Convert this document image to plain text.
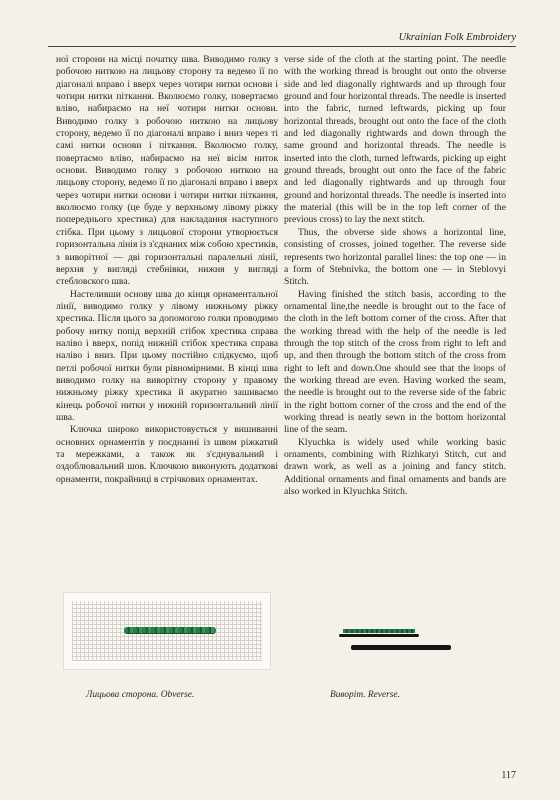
Ukrainian Folk Embroidery

ної сторони на місці початку шва. Виводимо голку з робочою ниткою на лицьову сторону та ведемо її по діагоналі вправо і вверх через чотири нитки основи і чотири нитки піткання. Вколюємо голку, повертаємо вліво, набираємо на неї чотири нитки основи. Виводимо голку з робочою ниткою на лицьову сторону, ведемо її по діагоналі вправо і вниз через ті самі нитки основи і піткання. Вколюємо голку, повертаємо вліво, набираємо на неї вісім ниток основи. Виводимо голку з робочою ниткою на лицьову сторону, ведемо її по діагоналі вправо і вверх через чотири нитки основи і чотири нитки піткання, вколюємо голку (це буде у верхньому лівому ріжку попереднього хрестика) для накладання наступного стібка. При цьому з лицьової сторони утворюється горизонтальна лінія із з'єднаних між собою хрестиків, з виворітної — дві горизонтальні паралельні лінії, верхня у вигляді стебнівки, нижня у вигляді стебловского шва.

Настеливши основу шва до кінця орнаментальної лінії, виводимо голку у лівому нижньому ріжку хрестика. Після цього за допомогою голки проводимо робочу нитку попід верхній стібок хрестика справа наліво і вверх, попід нижній стібок хрестика справа наліво і вниз. При цьому постійно слідкуємо, щоб петлі робочої нитки були рівномірними. В кінці шва виводимо голку на виворітну сторону у правому нижньому ріжку хрестика й акуратно зашиваємо кінець робочої нитки у нижній горизонтальний лінії шва.

Ключка широко використовується у вишиванні основних орнаментів у поєднанні із швом ріжкатий та мережками, а також як з'єднувальний і оздоблювальний шов. Ключкою виконують додаткові орнаменти, покрайниці в стрічкових орнаментах.

verse side of the cloth at the starting point. The needle with the working thread is brought out onto the obverse side and led diagonally rightwards and up through four ground and four horizontal threads. The needle is inserted into the fabric, turned leftwards, picking up four horizontal threads, brought out onto the face of the cloth and led diagonally rightwards and down through the same ground and horizontal threads. The needle is inserted into the cloth, turned leftwards, picking up eight ground threads, brought out onto the face of the fabric and led diagonally rightwards and up through four ground and horizontal threads. The needle is inserted into the material (this will be in the top left corner of the previous cross) to lay the next stitch.

Thus, the obverse side shows a horizontal line, consisting of crosses, joined together. The reverse side represents two horizontal parallel lines: the top one — in a form of Stebnivka, the bottom one — in Steblovyi Stitch.

Having finished the stitch basis, according to the ornamental line,the needle is brought out to the face of the cloth in the left bottom corner of the cross. After that the working thread with the help of the needle is led through the top stitch of the cross from right to left and up, and then through the bottom stitch of the cross from right to left and down.One should see that the loops of the working thread are even. Having worked the seam, the needle is brought out to the reverse side of the fabric in the right bottom corner of the cross and the end of the working thread is neatly sewn in the bottom horizontal line of the seam.

Klyuchka is widely used while working basic ornaments, combining with Rizhkatyi Stitch, cut and drawn work, as well as a joining and fancy stitch. Additional ornaments and final ornaments and bands are also worked in Klyuchka Stitch.

Лицьова сторона. Obverse.	Виворіт. Reverse.
117
